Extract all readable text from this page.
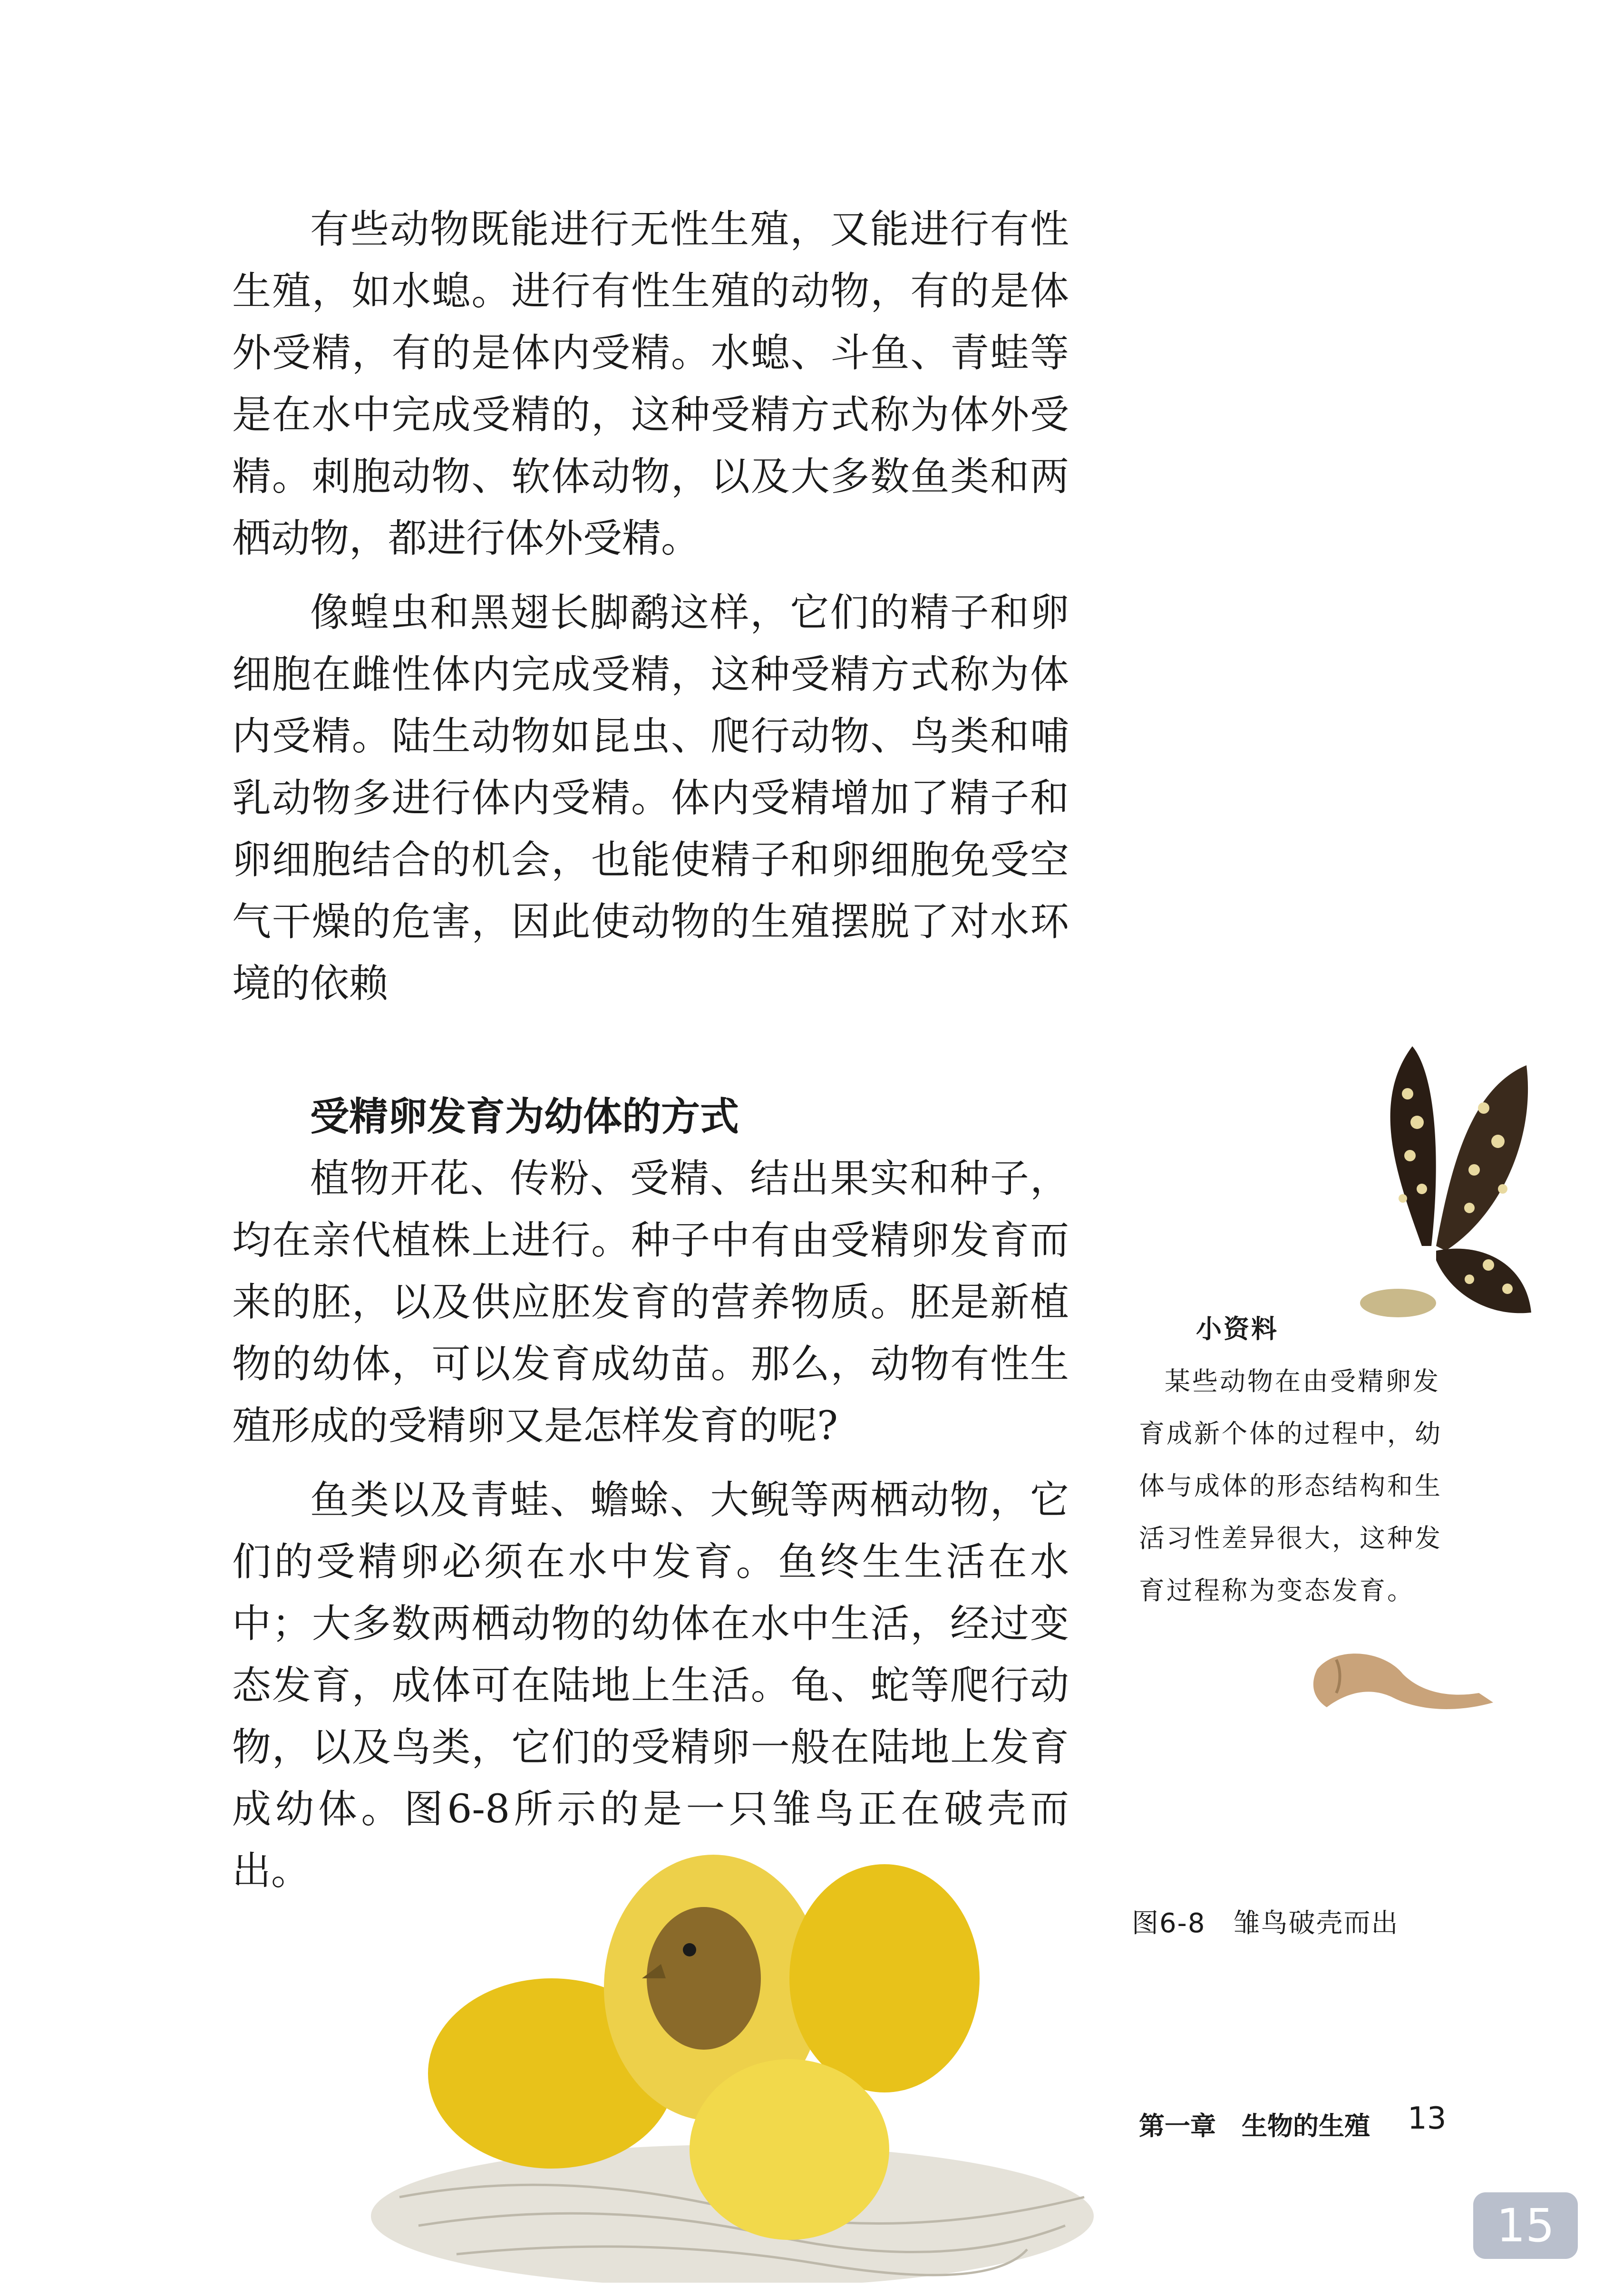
有些动物既能进行无性生殖，又能进行有性生殖，如水螅。进行有性生殖的动物，有的是体外受精，有的是体内受精。水螅、斗鱼、青蛙等是在水中完成受精的，这种受精方式称为体外受精。刺胞动物、软体动物，以及大多数鱼类和两栖动物，都进行体外受精。

像蝗虫和黑翅长脚鹬这样，它们的精子和卵细胞在雌性体内完成受精，这种受精方式称为体内受精。陆生动物如昆虫、爬行动物、鸟类和哺乳动物多进行体内受精。体内受精增加了精子和卵细胞结合的机会，也能使精子和卵细胞免受空气干燥的危害，因此使动物的生殖摆脱了对水环境的依赖

受精卵发育为幼体的方式

植物开花、传粉、受精、结出果实和种子，均在亲代植株上进行。种子中有由受精卵发育而来的胚，以及供应胚发育的营养物质。胚是新植物的幼体，可以发育成幼苗。那么，动物有性生殖形成的受精卵又是怎样发育的呢?

鱼类以及青蛙、蟾蜍、大鲵等两栖动物，它们的受精卵必须在水中发育。鱼终生生活在水中；大多数两栖动物的幼体在水中生活，经过变态发育，成体可在陆地上生活。龟、蛇等爬行动物，以及鸟类，它们的受精卵一般在陆地上发育成幼体。图6-8所示的是一只雏鸟正在破壳而出。

小资料

某些动物在由受精卵发育成新个体的过程中，幼体与成体的形态结构和生活习性差异很大，这种发育过程称为变态发育。

图6-8　雏鸟破壳而出
第一章　生物的生殖 13
15
